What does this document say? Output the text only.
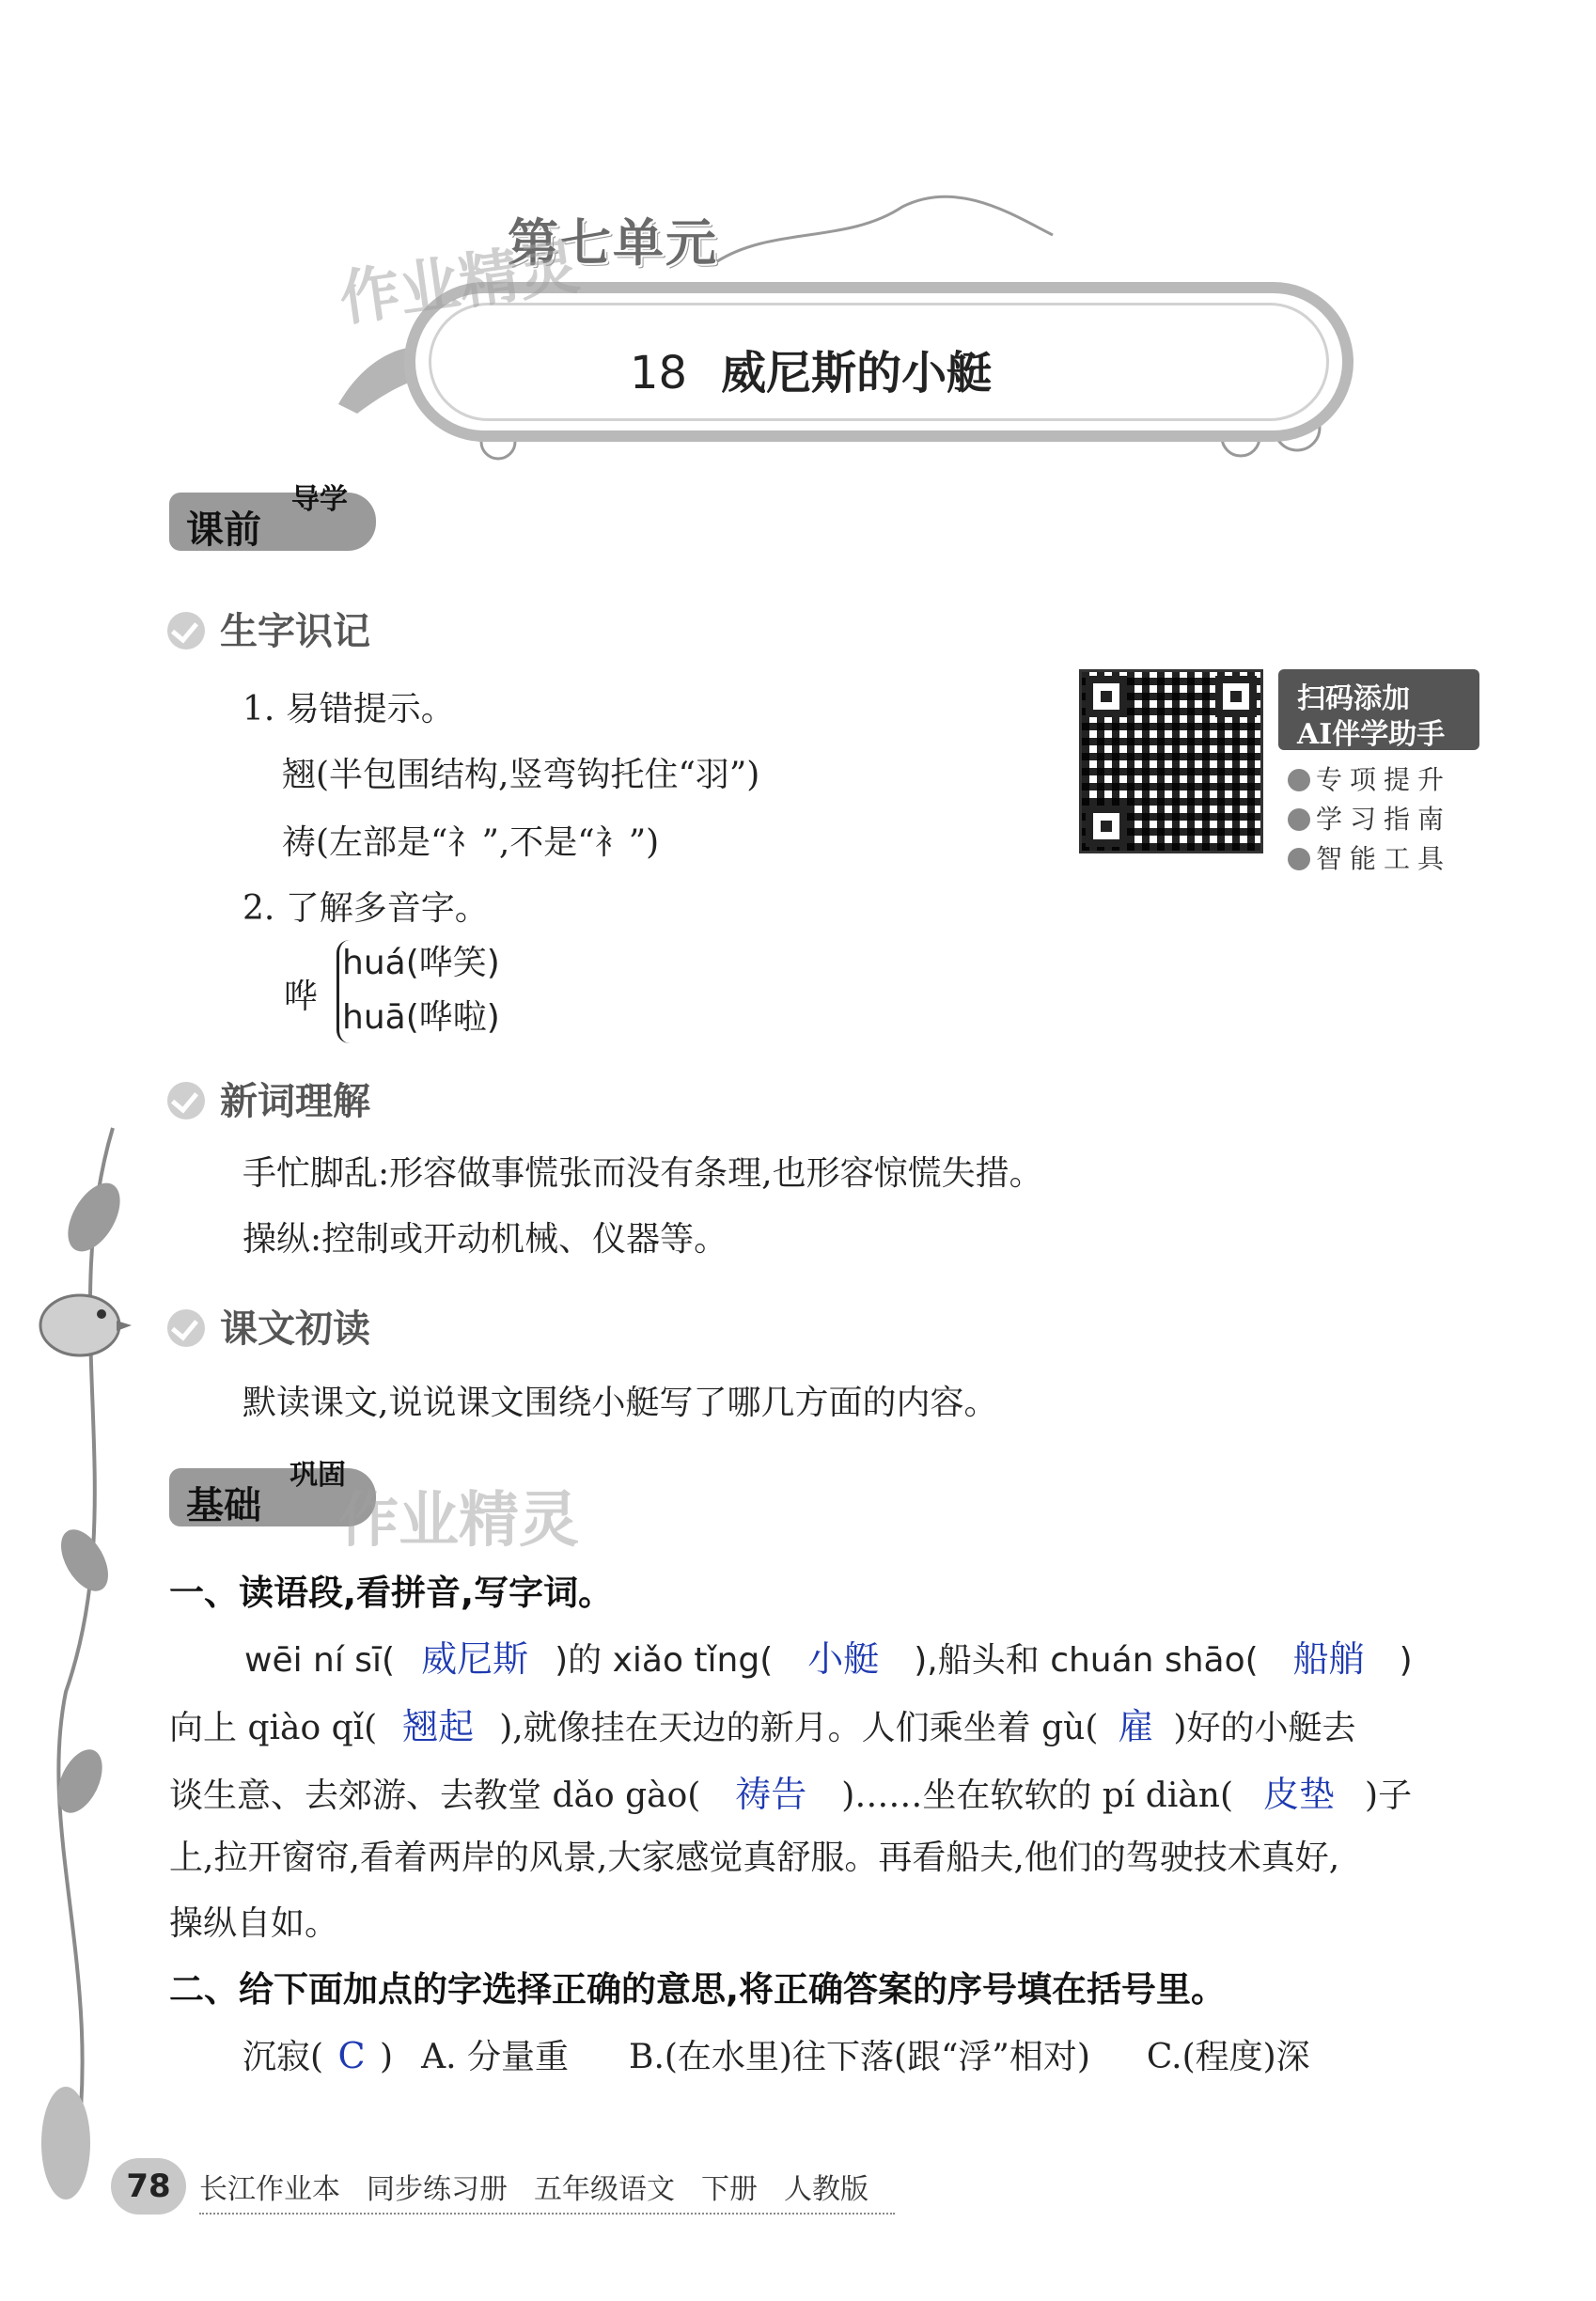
第七单元
18 威尼斯的小艇
作业精灵
课前
导学
生字识记
1. 易错提示。
翘(半包围结构,竖弯钩托住“羽”)
祷(左部是“礻”,不是“衤”)
2. 了解多音字。
哗
huá(哗笑)
huā(哗啦)
扫码添加
AI伴学助手
专项提升
学习指南
智能工具
新词理解
手忙脚乱:形容做事慌张而没有条理,也形容惊慌失措。
操纵:控制或开动机械、仪器等。
课文初读
默读课文,说说课文围绕小艇写了哪几方面的内容。
基础
巩固
作业精灵
一、读语段,看拼音,写字词。
wēi ní sī( 威尼斯 )的 xiǎo tǐng( 小艇 ),船头和 chuán shāo( 船艄 )
向上 qiào qǐ( 翘起 ),就像挂在天边的新月。人们乘坐着 gù( 雇 )好的小艇去
谈生意、去郊游、去教堂 dǎo gào( 祷告 )……坐在软软的 pí diàn( 皮垫 )子
上,拉开窗帘,看着两岸的风景,大家感觉真舒服。再看船夫,他们的驾驶技术真好,
操纵自如。
二、给下面加点的字选择正确的意思,将正确答案的序号填在括号里。
沉寂( C ) A. 分量重 B.(在水里)往下落(跟“浮”相对) C.(程度)深
78	长江作业本 同步练习册 五年级语文 下册 人教版
